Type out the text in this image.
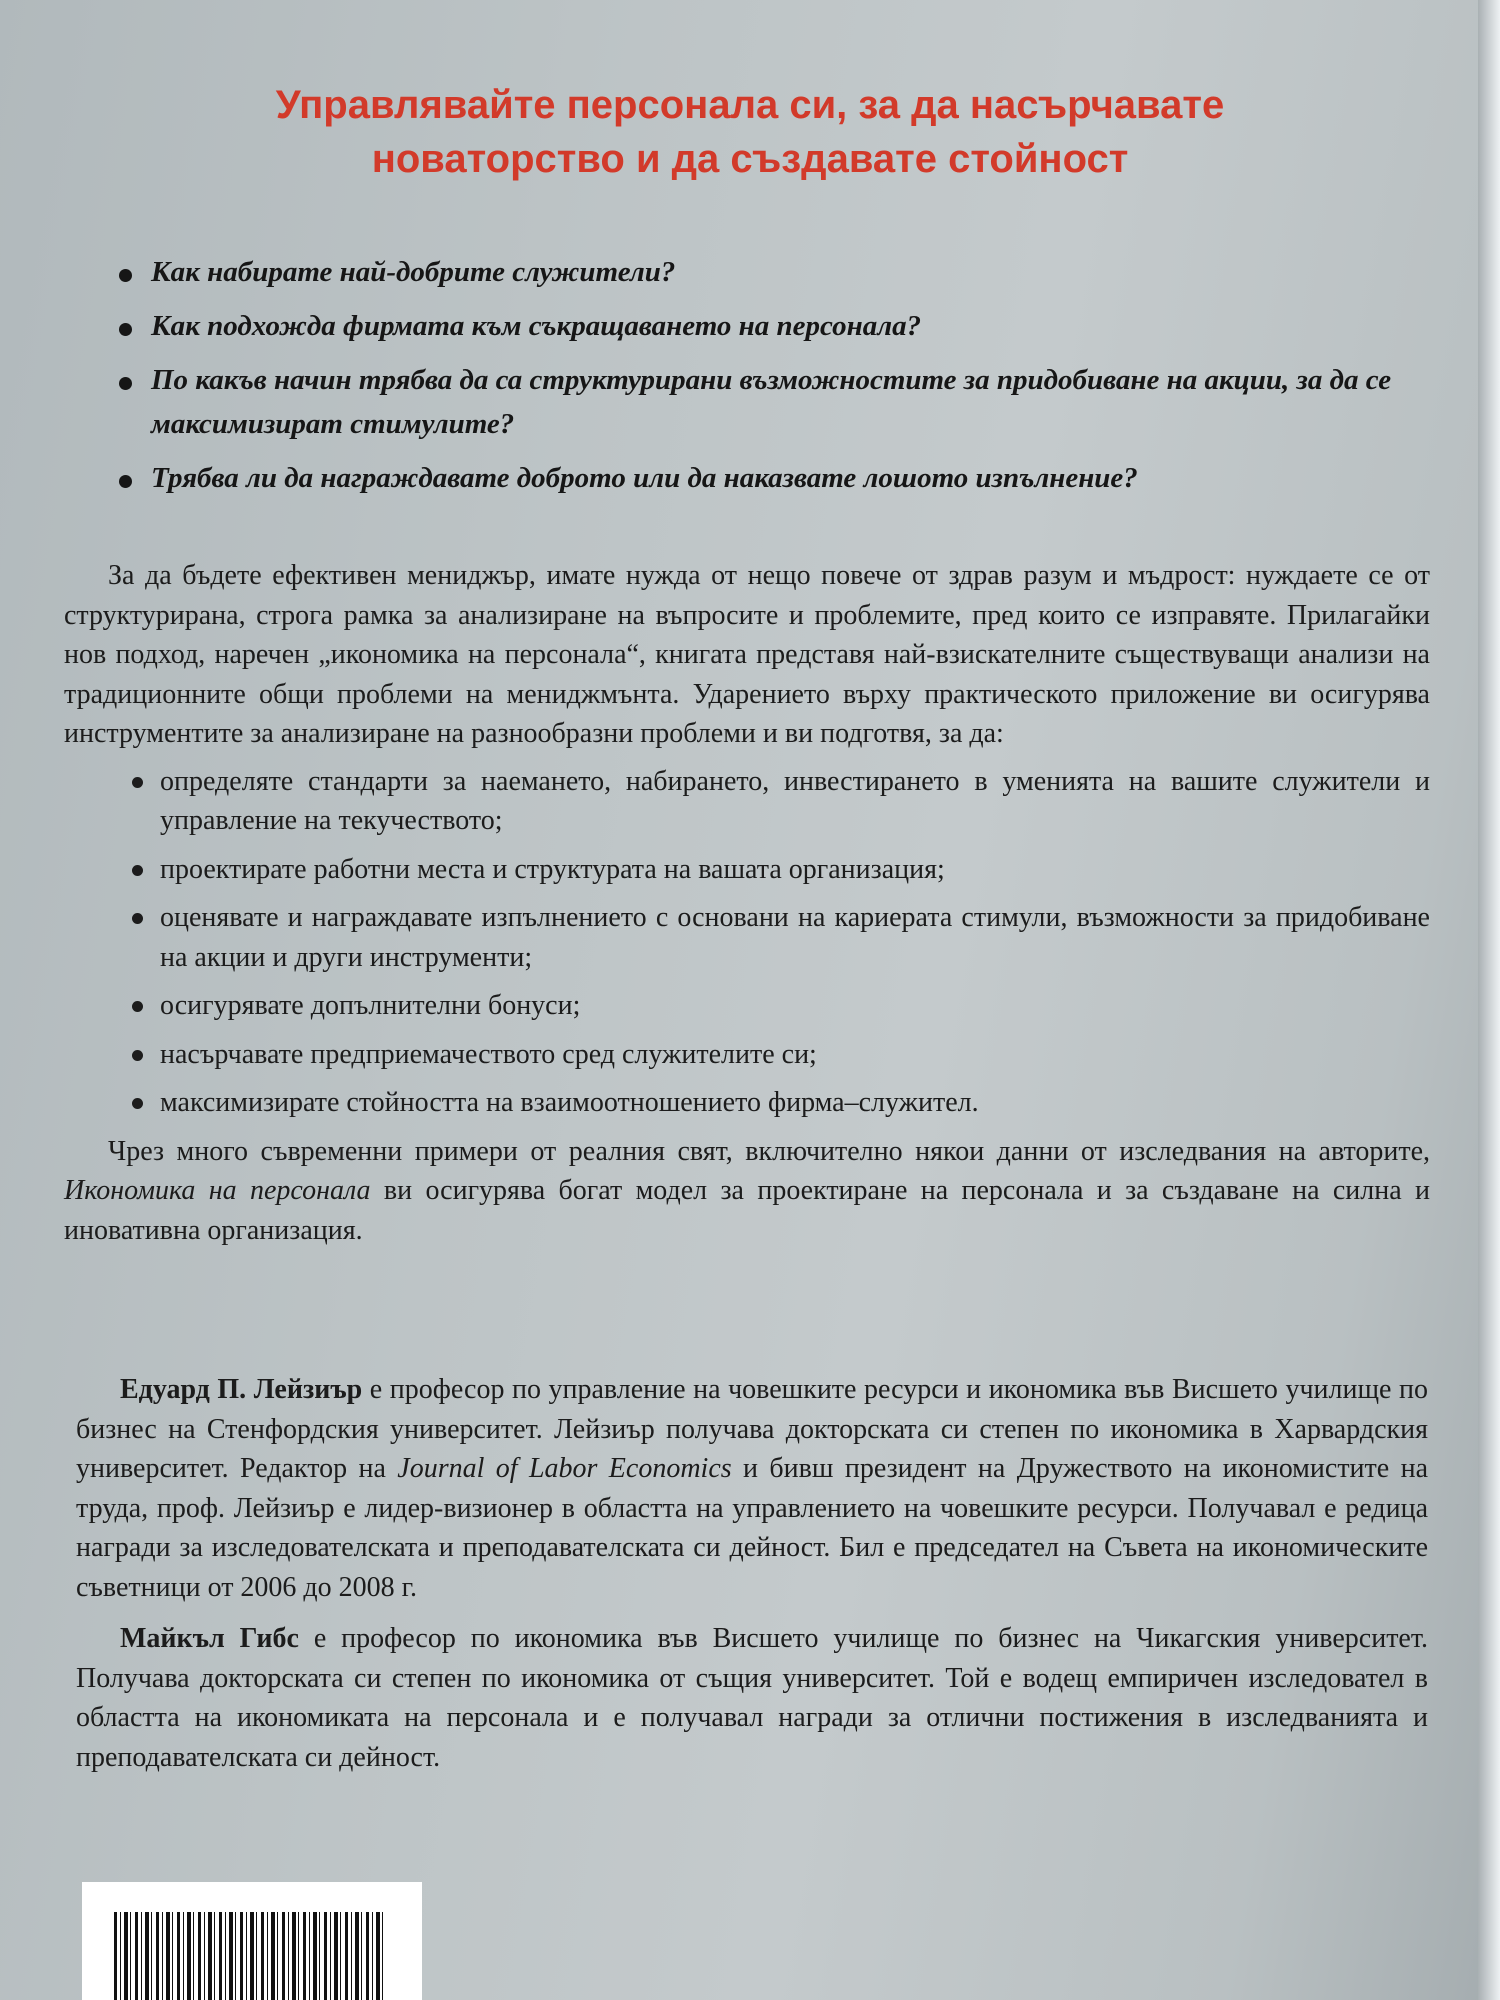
Управлявайте персонала си, за да насърчавате
новаторство и да създавате стойност
Как набирате най-добрите служители?
Как подхожда фирмата към съкращаването на персонала?
По какъв начин трябва да са структурирани възможностите за придобиване на акции, за да се максимизират стимулите?
Трябва ли да награждавате доброто или да наказвате лошото изпълнение?

За да бъдете ефективен мениджър, имате нужда от нещо повече от здрав разум и мъдрост: нуждаете се от структурирана, строга рамка за анализиране на въпросите и проблемите, пред които се изправяте. Прилагайки нов подход, наречен „икономика на персонала“, книгата представя най-взискателните съществуващи анализи на традиционните общи проблеми на мениджмънта. Ударението върху практическото приложение ви осигурява инструментите за анализиране на разнообразни проблеми и ви подготвя, за да:

определяте стандарти за наемането, набирането, инвестирането в уменията на вашите служители и управление на текучеството;
проектирате работни места и структурата на вашата организация;
оценявате и награждавате изпълнението с основани на кариерата стимули, възможности за придобиване на акции и други инструменти;
осигурявате допълнителни бонуси;
насърчавате предприемачеството сред служителите си;
максимизирате стойността на взаимоотношението фирма–служител.

Чрез много съвременни примери от реалния свят, включително някои данни от изследвания на авторите, Икономика на персонала ви осигурява богат модел за проектиране на персонала и за създаване на силна и иновативна организация.

Едуард П. Лейзиър е професор по управление на човешките ресурси и икономика във Висшето училище по бизнес на Стенфордския университет. Лейзиър получава докторската си степен по икономика в Харвардския университет. Редактор на Journal of Labor Economics и бивш президент на Дружеството на икономистите на труда, проф. Лейзиър е лидер-визионер в областта на управлението на човешките ресурси. Получавал е редица награди за изследователската и преподавателската си дейност. Бил е председател на Съвета на икономическите съветници от 2006 до 2008 г.

Майкъл Гибс е професор по икономика във Висшето училище по бизнес на Чикагския университет. Получава докторската си степен по икономика от същия университет. Той е водещ емпиричен изследовател в областта на икономиката на персонала и е получавал награди за отлични постижения в изследванията и преподавателската си дейност.
